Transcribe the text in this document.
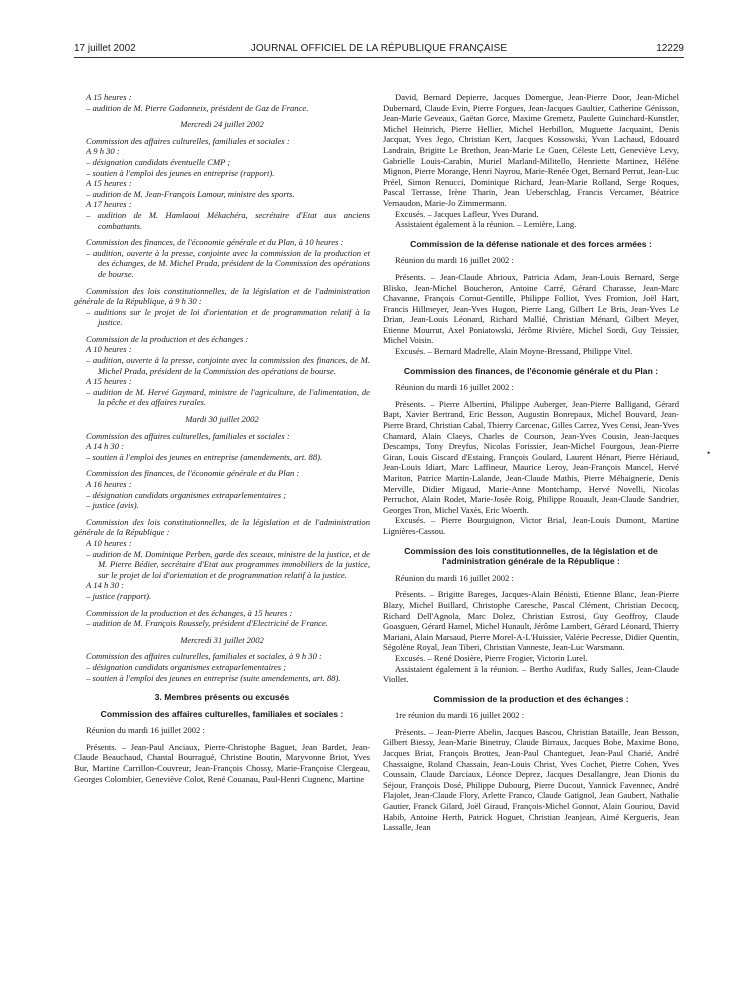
17 juillet 2002	JOURNAL OFFICIEL DE LA RÉPUBLIQUE FRANÇAISE	12229

A 15 heures :

– audition de M. Pierre Gadonneix, président de Gaz de France.

Mercredi 24 juillet 2002

Commission des affaires culturelles, familiales et sociales :

A 9 h 30 :

– désignation candidats éventuelle CMP ;

– soutien à l'emploi des jeunes en entreprise (rapport).

A 15 heures :

– audition de M. Jean-François Lamour, ministre des sports.

A 17 heures :

– audition de M. Hamlaoui Mékachéra, secrétaire d'Etat aux anciens combattants.

Commission des finances, de l'économie générale et du Plan, à 10 heures :

– audition, ouverte à la presse, conjointe avec la commission de la production et des échanges, de M. Michel Prada, président de la Commission des opérations de bourse.

Commission des lois constitutionnelles, de la législation et de l'administration générale de la République, à 9 h 30 :

– auditions sur le projet de loi d'orientation et de programmation relatif à la justice.

Commission de la production et des échanges :

A 10 heures :

– audition, ouverte à la presse, conjointe avec la commission des finances, de M. Michel Prada, président de la Commission des opérations de bourse.

A 15 heures :

– audition de M. Hervé Gaymard, ministre de l'agriculture, de l'alimentation, de la pêche et des affaires rurales.

Mardi 30 juillet 2002

Commission des affaires culturelles, familiales et sociales :

A 14 h 30 :

– soutien à l'emploi des jeunes en entreprise (amendements, art. 88).

Commission des finances, de l'économie générale et du Plan :

A 16 heures :

– désignation candidats organismes extraparlementaires ;

– justice (avis).

Commission des lois constitutionnelles, de la législation et de l'administration générale de la République :

A 10 heures :

– audition de M. Dominique Perben, garde des sceaux, ministre de la justice, et de M. Pierre Bédier, secrétaire d'Etat aux programmes immobiliers de la justice, sur le projet de loi d'orientation et de programmation relatif à la justice.

A 14 h 30 :

– justice (rapport).

Commission de la production et des échanges, à 15 heures :

– audition de M. François Roussely, président d'Electricité de France.

Mercredi 31 juillet 2002

Commission des affaires culturelles, familiales et sociales, à 9 h 30 :

– désignation candidats organismes extraparlementaires ;

– soutien à l'emploi des jeunes en entreprise (suite amendements, art. 88).

3. Membres présents ou excusés

Commission des affaires culturelles, familiales et sociales :

Réunion du mardi 16 juillet 2002 :

Présents. – Jean-Paul Anciaux, Pierre-Christophe Baguet, Jean Bardet, Jean-Claude Beauchaud, Chantal Bourragué, Christine Boutin, Maryvonne Briot, Yves Bur, Martine Carrillon-Couvreur, Jean-François Chossy, Marie-Françoise Clergeau, Georges Colombier, Geneviève Colot, René Couanau, Paul-Henri Cugnenc, Martine

David, Bernard Depierre, Jacques Domergue, Jean-Pierre Door, Jean-Michel Dubernard, Claude Evin, Pierre Forgues, Jean-Jacques Gaultier, Catherine Génisson, Jean-Marie Geveaux, Gaëtan Gorce, Maxime Gremetz, Paulette Guinchard-Kunstler, Michel Heinrich, Pierre Hellier, Michel Herbillon, Muguette Jacquaint, Denis Jacquat, Yves Jego, Christian Kert, Jacques Kossowski, Yvan Lachaud, Edouard Landrain, Brigitte Le Brethon, Jean-Marie Le Guen, Céleste Lett, Geneviève Levy, Gabrielle Louis-Carabin, Muriel Marland-Militello, Henriette Martinez, Hélène Mignon, Pierre Morange, Henri Nayrou, Marie-Renée Oget, Bernard Perrut, Jean-Luc Préel, Simon Renucci, Dominique Richard, Jean-Marie Rolland, Serge Roques, Pascal Terrasse, Irène Tharin, Jean Ueberschlag, Francis Vercamer, Béatrice Vernaudon, Marie-Jo Zimmermann.

Excusés. – Jacques Lafleur, Yves Durand.

Assistaient également à la réunion. – Lemière, Lang.

Commission de la défense nationale et des forces armées :

Réunion du mardi 16 juillet 2002 :

Présents. – Jean-Claude Abrioux, Patricia Adam, Jean-Louis Bernard, Serge Blisko, Jean-Michel Boucheron, Antoine Carré, Gérard Charasse, Jean-Marc Chavanne, François Cornut-Gentille, Philippe Folliot, Yves Fromion, Joël Hart, Francis Hillmeyer, Jean-Yves Hugon, Pierre Lang, Gilbert Le Bris, Jean-Yves Le Drian, Jean-Louis Léonard, Richard Mallié, Christian Ménard, Gilbert Meyer, Etienne Mourrut, Axel Poniatowski, Jérôme Rivière, Michel Sordi, Guy Teissier, Michel Voisin.

Excusés. – Bernard Madrelle, Alain Moyne-Bressand, Philippe Vitel.

Commission des finances, de l'économie générale et du Plan :

Réunion du mardi 16 juillet 2002 :

Présents. – Pierre Albertini, Philippe Auberger, Jean-Pierre Balligand, Gérard Bapt, Xavier Bertrand, Eric Besson, Augustin Bonrepaux, Michel Bouvard, Jean-Pierre Brard, Christian Cabal, Thierry Carcenac, Gilles Carrez, Yves Censi, Jean-Yves Chamard, Alain Claeys, Charles de Courson, Jean-Yves Cousin, Jean-Jacques Descamps, Tony Dreyfus, Nicolas Forissier, Jean-Michel Fourgous, Jean-Pierre Giran, Louis Giscard d'Estaing, François Goulard, Laurent Hénart, Pierre Hériaud, Jean-Louis Idiart, Marc Laffineur, Maurice Leroy, Jean-François Mancel, Hervé Mariton, Patrice Martin-Lalande, Jean-Claude Mathis, Pierre Méhaignerie, Denis Merville, Didier Migaud, Marie-Anne Montchamp, Hervé Novelli, Nicolas Perruchot, Alain Rodet, Marie-Josée Roig, Philippe Rouault, Jean-Claude Sandrier, Georges Tron, Michel Vaxès, Eric Woerth.

Excusés. – Pierre Bourguignon, Victor Brial, Jean-Louis Dumont, Martine Lignières-Cassou.

Commission des lois constitutionnelles, de la législation et de l'administration générale de la République :

Réunion du mardi 16 juillet 2002 :

Présents. – Brigitte Bareges, Jacques-Alain Bénisti, Etienne Blanc, Jean-Pierre Blazy, Michel Buillard, Christophe Caresche, Pascal Clément, Christian Decocq, Richard Dell'Agnola, Marc Dolez, Christian Estrosi, Guy Geoffroy, Claude Goasguen, Gérard Hamel, Michel Hunault, Jérôme Lambert, Gérard Léonard, Thierry Mariani, Alain Marsaud, Pierre Morel-A-L'Huissier, Valérie Pecresse, Didier Quentin, Ségolène Royal, Jean Tiberi, Christian Vanneste, Jean-Luc Warsmann.

Excusés. – René Dosière, Pierre Frogier, Victorin Lurel.

Assistaient également à la réunion. – Bertho Audifax, Rudy Salles, Jean-Claude Viollet.

Commission de la production et des échanges :

1re réunion du mardi 16 juillet 2002 :

Présents. – Jean-Pierre Abelin, Jacques Bascou, Christian Bataille, Jean Besson, Gilbert Biessy, Jean-Marie Binetruy, Claude Birraux, Jacques Bobe, Maxime Bono, Jacques Briat, François Brottes, Jean-Paul Chanteguet, Jean-Paul Charié, André Chassaigne, Roland Chassain, Jean-Louis Christ, Yves Cochet, Pierre Cohen, Yves Coussain, Claude Darciaux, Léonce Deprez, Jacques Desallangre, Jean Dionis du Séjour, François Dosé, Philippe Dubourg, Pierre Ducout, Yannick Favennec, André Flajolet, Jean-Claude Flory, Arlette Franco, Claude Gatignol, Jean Gaubert, Nathalie Gautier, Franck Gilard, Joël Giraud, François-Michel Gonnot, Alain Gouriou, David Habib, Antoine Herth, Patrick Hoguet, Christian Jeanjean, Aimé Kergueris, Jean Lassalle, Jean

•
